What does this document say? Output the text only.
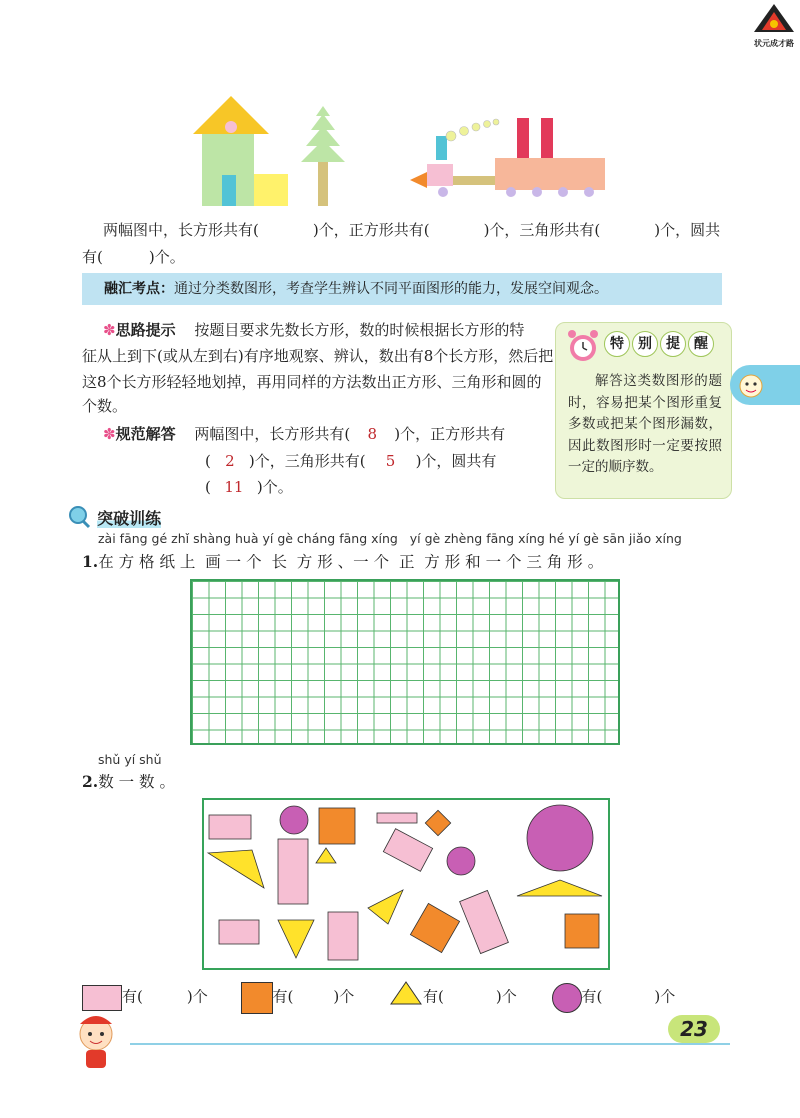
状元成才路
两幅图中，长方形共有(	)个，正方形共有(	)个，三角形共有(	)个，圆共
有(	)个。
融汇考点：通过分类数图形，考查学生辨认不同平面图形的能力，发展空间观念。
✽思路提示 按题目要求先数长方形，数的时候根据长方形的特
征从上到下(或从左到右)有序地观察、辨认，数出有8个长方形，然后把
这8个长方形轻轻地划掉，再用同样的方法数出正方形、三角形和圆的
个数。
✽规范解答 两幅图中，长方形共有( 8 )个，正方形共有
( 2 )个，三角形共有( 5 )个，圆共有
( 11 )个。
特 别 提 醒
解答这类数图形的题时，容易把某个图形重复多数或把某个图形漏数，因此数图形时一定要按照一定的顺序数。
突破训练
zài fāng gé zhǐ shàng huà yí gè cháng fāng xíng   yí gè zhèng fāng xíng hé yí gè sān jiǎo xíng
1.在 方 格 纸 上  画 一 个  长  方 形 、一 个  正  方 形 和 一 个 三 角 形 。
shǔ yí shǔ
2.数 一 数 。
有(	)个	有(	)个	有(	)个	有(	)个
23
